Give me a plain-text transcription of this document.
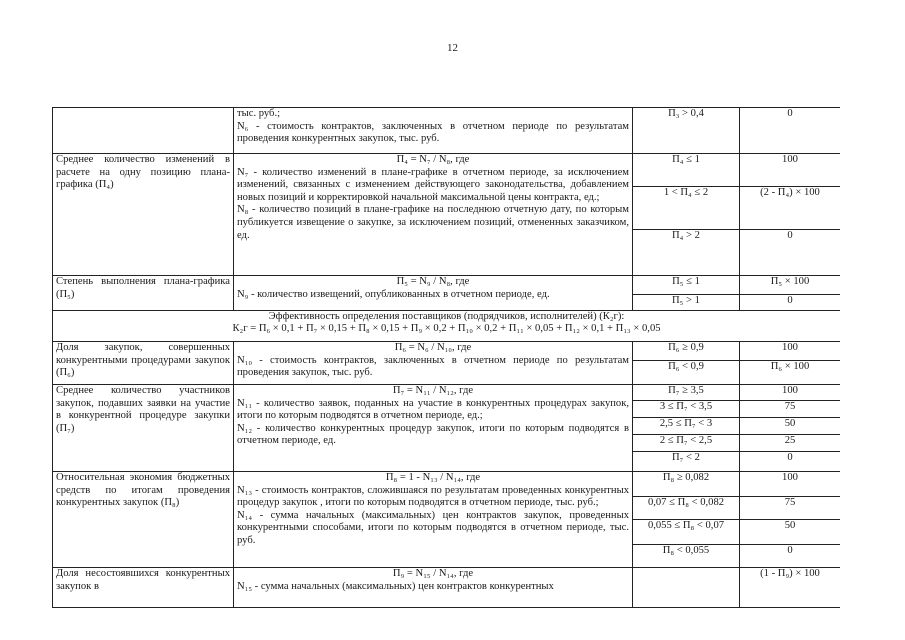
12

	тыс. руб.;

N₆ - стоимость контрактов, заключенных в отчетном периоде по результатам проведения конкурентных закупок, тыс. руб.	П₃ > 0,4	0
Среднее количество изменений в расчете на одну позицию плана-графика (П₄)	П₄ = N₇ / N₈, где

N₇ - количество изменений в плане-графике в отчетном периоде, за исключением изменений, связанных с изменением действующего законодательства, добавлением новых позиций и корректировкой начальной максимальной цены контракта, ед.;

N₈ - количество позиций в плане-графике на последнюю отчетную дату, по которым публикуется извещение о закупке, за исключением позиций, отмененных заказчиком, ед.	П₄ ≤ 1	100
		1 < П₄ ≤ 2	(2 - П₄) × 100
		П₄ > 2	0
Степень выполнения плана-графика (П₅)	П₅ = N₉ / N₈, где

N₉ - количество извещений, опубликованных в отчетном периоде, ед.	П₅ ≤ 1	П₅ × 100
		П₅ > 1	0

Эффективность определения поставщиков (подрядчиков, исполнителей) (К₂г):
К₂г = П₆ × 0,1 + П₇ × 0,15 + П₈ × 0,15 + П₉ × 0,2 + П₁₀ × 0,2 + П₁₁ × 0,05 + П₁₂ × 0,1 + П₁₃ × 0,05			

Доля закупок, совершенных конкурентными процедурами закупок (П₆)	П₆ = N₆ / N₁₀, где

N₁₀ - стоимость контрактов, заключенных в отчетном периоде по результатам проведения закупок, тыс. руб.	П₆ ≥ 0,9	100
		П₆ < 0,9	П₆ × 100
Среднее количество участников закупок, подавших заявки на участие в конкурентной процедуре закупки (П₇)	П₇ = N₁₁ / N₁₂, где

N₁₁ - количество заявок, поданных на участие в конкурентных процедурах закупок, итоги по которым подводятся в отчетном периоде, ед.;

N₁₂ - количество конкурентных процедур закупок, итоги по которым подводятся в отчетном периоде, ед.	П₇ ≥ 3,5	100
		3 ≤ П₇ < 3,5	75
		2,5 ≤ П₇ < 3	50
		2 ≤ П₇ < 2,5	25
		П₇ < 2	0
Относительная экономия бюджетных средств по итогам проведения конкурентных закупок (П₈)	П₈ = 1 - N₁₃ / N₁₄, где

N₁₃ - стоимость контрактов, сложившаяся по результатам проведенных конкурентных процедур закупок , итоги по которым подводятся в отчетном периоде, тыс. руб.;

N₁₄ - сумма начальных (максимальных) цен контрактов закупок, проведенных конкурентными способами, итоги по которым подводятся в отчетном периоде, тыс. руб.	П₈ ≥ 0,082	100
		0,07 ≤ П₈ < 0,082	75
		0,055 ≤ П₈ < 0,07	50
		П₈ < 0,055	0
Доля несостоявшихся конкурентных закупок в	П₉ = N₁₅ / N₁₄, где

N₁₅ - сумма начальных (максимальных) цен контрактов конкурентных		(1 - П₉) × 100
